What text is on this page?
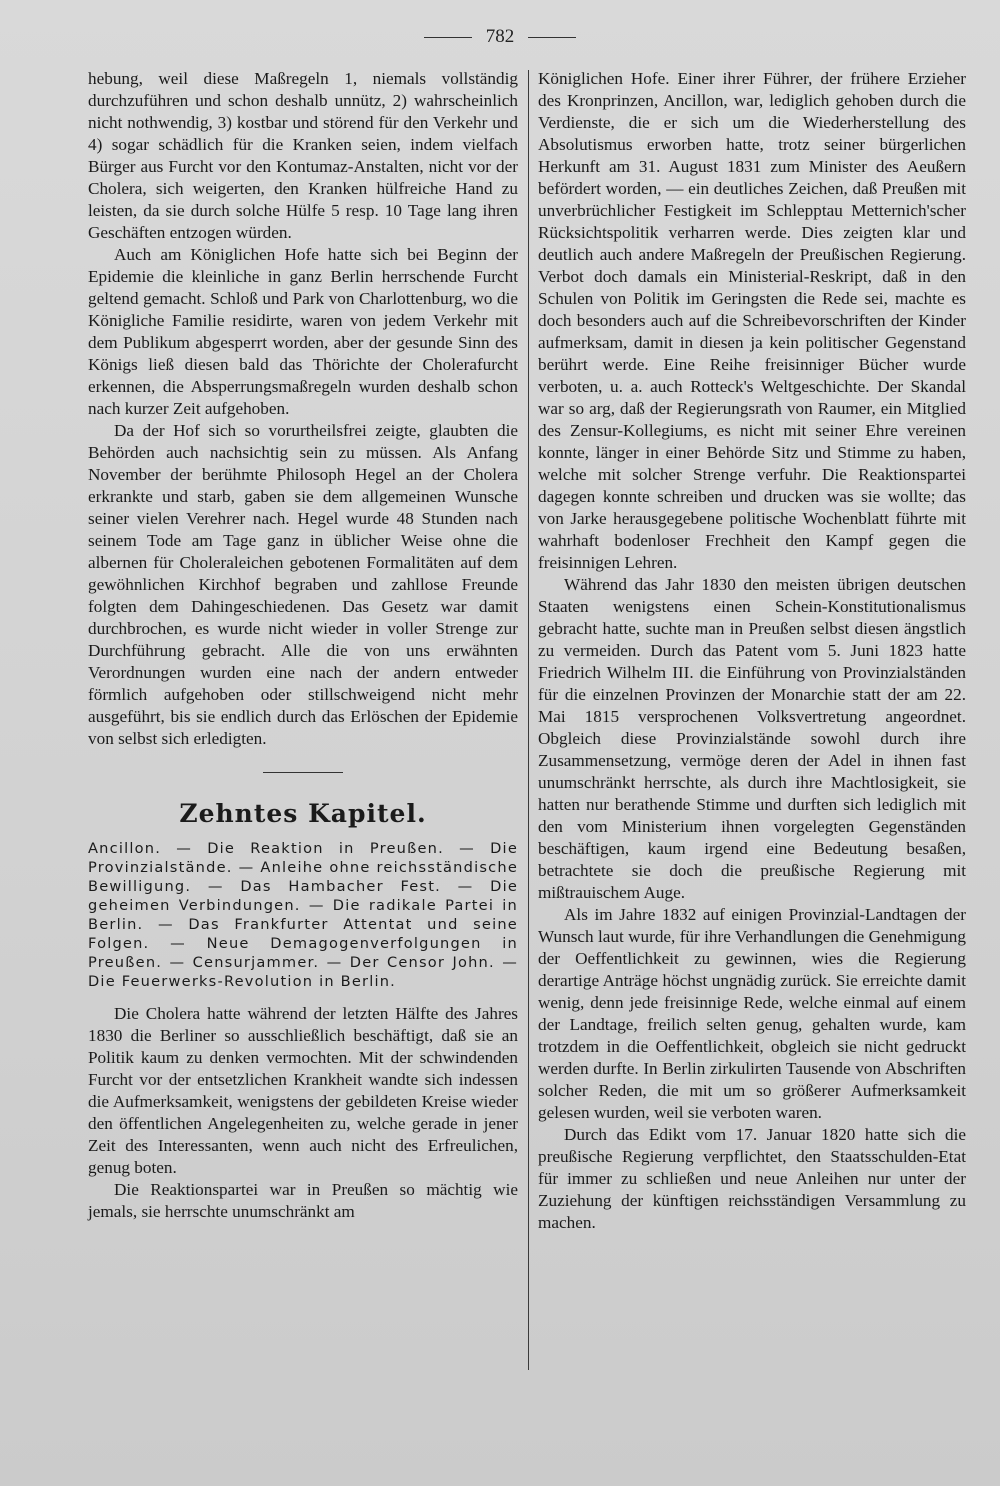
782

hebung, weil diese Maßregeln 1, niemals vollständig durchzuführen und schon deshalb unnütz, 2) wahrscheinlich nicht nothwendig, 3) kostbar und störend für den Verkehr und 4) sogar schädlich für die Kranken seien, indem vielfach Bürger aus Furcht vor den Kontumaz-Anstalten, nicht vor der Cholera, sich weigerten, den Kranken hülfreiche Hand zu leisten, da sie durch solche Hülfe 5 resp. 10 Tage lang ihren Geschäften entzogen würden.

Auch am Königlichen Hofe hatte sich bei Beginn der Epidemie die kleinliche in ganz Berlin herrschende Furcht geltend gemacht. Schloß und Park von Charlottenburg, wo die Königliche Familie residirte, waren von jedem Verkehr mit dem Publikum abgesperrt worden, aber der gesunde Sinn des Königs ließ diesen bald das Thörichte der Cholerafurcht erkennen, die Absperrungsmaßregeln wurden deshalb schon nach kurzer Zeit aufgehoben.

Da der Hof sich so vorurtheilsfrei zeigte, glaubten die Behörden auch nachsichtig sein zu müssen. Als Anfang November der berühmte Philosoph Hegel an der Cholera erkrankte und starb, gaben sie dem allgemeinen Wunsche seiner vielen Verehrer nach. Hegel wurde 48 Stunden nach seinem Tode am Tage ganz in üblicher Weise ohne die albernen für Choleraleichen gebotenen Formalitäten auf dem gewöhnlichen Kirchhof begraben und zahllose Freunde folgten dem Dahingeschiedenen. Das Gesetz war damit durchbrochen, es wurde nicht wieder in voller Strenge zur Durchführung gebracht. Alle die von uns erwähnten Verordnungen wurden eine nach der andern entweder förmlich aufgehoben oder stillschweigend nicht mehr ausgeführt, bis sie endlich durch das Erlöschen der Epidemie von selbst sich erledigten.

Zehntes Kapitel.
Ancillon. — Die Reaktion in Preußen. — Die Provinzialstände. — Anleihe ohne reichsständische Bewilligung. — Das Hambacher Fest. — Die geheimen Verbindungen. — Die radikale Partei in Berlin. — Das Frankfurter Attentat und seine Folgen. — Neue Demagogenverfolgungen in Preußen. — Censurjammer. — Der Censor John. — Die Feuerwerks-Revolution in Berlin.

Die Cholera hatte während der letzten Hälfte des Jahres 1830 die Berliner so ausschließlich beschäftigt, daß sie an Politik kaum zu denken vermochten. Mit der schwindenden Furcht vor der entsetzlichen Krankheit wandte sich indessen die Aufmerksamkeit, wenigstens der gebildeten Kreise wieder den öffentlichen Angelegenheiten zu, welche gerade in jener Zeit des Interessanten, wenn auch nicht des Erfreulichen, genug boten.

Die Reaktionspartei war in Preußen so mächtig wie jemals, sie herrschte unumschränkt am

Königlichen Hofe. Einer ihrer Führer, der frühere Erzieher des Kronprinzen, Ancillon, war, lediglich gehoben durch die Verdienste, die er sich um die Wiederherstellung des Absolutismus erworben hatte, trotz seiner bürgerlichen Herkunft am 31. August 1831 zum Minister des Aeußern befördert worden, — ein deutliches Zeichen, daß Preußen mit unverbrüchlicher Festigkeit im Schlepptau Metternich'scher Rücksichtspolitik verharren werde. Dies zeigten klar und deutlich auch andere Maßregeln der Preußischen Regierung. Verbot doch damals ein Ministerial-Reskript, daß in den Schulen von Politik im Geringsten die Rede sei, machte es doch besonders auch auf die Schreibevorschriften der Kinder aufmerksam, damit in diesen ja kein politischer Gegenstand berührt werde. Eine Reihe freisinniger Bücher wurde verboten, u. a. auch Rotteck's Weltgeschichte. Der Skandal war so arg, daß der Regierungsrath von Raumer, ein Mitglied des Zensur-Kollegiums, es nicht mit seiner Ehre vereinen konnte, länger in einer Behörde Sitz und Stimme zu haben, welche mit solcher Strenge verfuhr. Die Reaktionspartei dagegen konnte schreiben und drucken was sie wollte; das von Jarke herausgegebene politische Wochenblatt führte mit wahrhaft bodenloser Frechheit den Kampf gegen die freisinnigen Lehren.

Während das Jahr 1830 den meisten übrigen deutschen Staaten wenigstens einen Schein-Konstitutionalismus gebracht hatte, suchte man in Preußen selbst diesen ängstlich zu vermeiden. Durch das Patent vom 5. Juni 1823 hatte Friedrich Wilhelm III. die Einführung von Provinzialständen für die einzelnen Provinzen der Monarchie statt der am 22. Mai 1815 versprochenen Volksvertretung angeordnet. Obgleich diese Provinzialstände sowohl durch ihre Zusammensetzung, vermöge deren der Adel in ihnen fast unumschränkt herrschte, als durch ihre Machtlosigkeit, sie hatten nur berathende Stimme und durften sich lediglich mit den vom Ministerium ihnen vorgelegten Gegenständen beschäftigen, kaum irgend eine Bedeutung besaßen, betrachtete sie doch die preußische Regierung mit mißtrauischem Auge.

Als im Jahre 1832 auf einigen Provinzial-Landtagen der Wunsch laut wurde, für ihre Verhandlungen die Genehmigung der Oeffentlichkeit zu gewinnen, wies die Regierung derartige Anträge höchst ungnädig zurück. Sie erreichte damit wenig, denn jede freisinnige Rede, welche einmal auf einem der Landtage, freilich selten genug, gehalten wurde, kam trotzdem in die Oeffentlichkeit, obgleich sie nicht gedruckt werden durfte. In Berlin zirkulirten Tausende von Abschriften solcher Reden, die mit um so größerer Aufmerksamkeit gelesen wurden, weil sie verboten waren.

Durch das Edikt vom 17. Januar 1820 hatte sich die preußische Regierung verpflichtet, den Staatsschulden-Etat für immer zu schließen und neue Anleihen nur unter der Zuziehung der künftigen reichsständigen Versammlung zu machen.
